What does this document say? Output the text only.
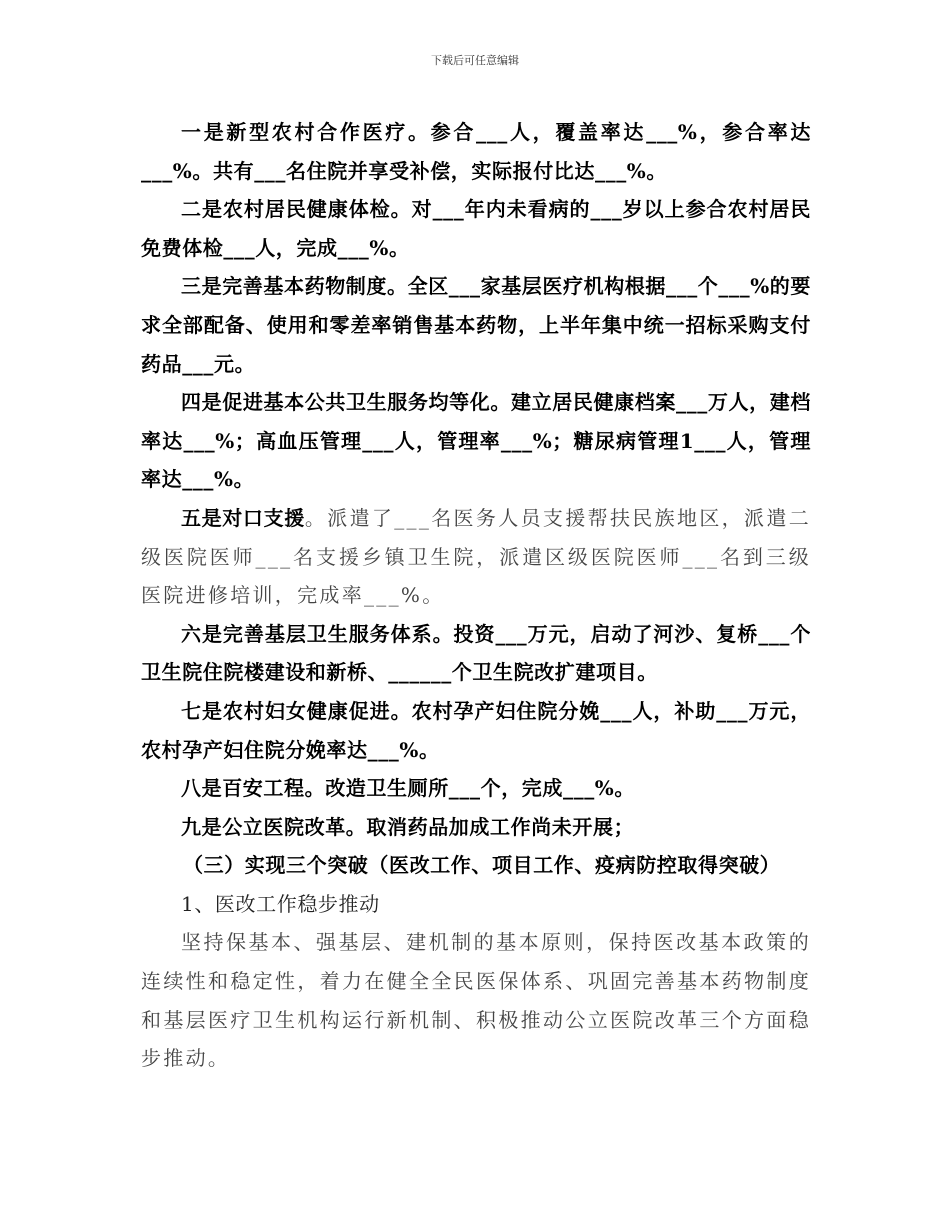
下载后可任意编辑

一是新型农村合作医疗。参合___人，覆盖率达___%，参合率达___%。共有___名住院并享受补偿，实际报付比达___%。

二是农村居民健康体检。对___年内未看病的___岁以上参合农村居民免费体检___人，完成___%。

三是完善基本药物制度。全区___家基层医疗机构根据___个___%的要求全部配备、使用和零差率销售基本药物，上半年集中统一招标采购支付药品___元。

四是促进基本公共卫生服务均等化。建立居民健康档案___万人，建档率达___%；高血压管理___人，管理率___%；糖尿病管理1___人，管理率达___%。

五是对口支援。派遣了___名医务人员支援帮扶民族地区，派遣二级医院医师___名支援乡镇卫生院，派遣区级医院医师___名到三级医院进修培训，完成率___%。

六是完善基层卫生服务体系。投资___万元，启动了河沙、复桥___个卫生院住院楼建设和新桥、______个卫生院改扩建项目。

七是农村妇女健康促进。农村孕产妇住院分娩___人，补助___万元，农村孕产妇住院分娩率达___%。

八是百安工程。改造卫生厕所___个，完成___%。

九是公立医院改革。取消药品加成工作尚未开展；

（三）实现三个突破（医改工作、项目工作、疫病防控取得突破）

1、医改工作稳步推动

坚持保基本、强基层、建机制的基本原则，保持医改基本政策的连续性和稳定性，着力在健全全民医保体系、巩固完善基本药物制度和基层医疗卫生机构运行新机制、积极推动公立医院改革三个方面稳步推动。
